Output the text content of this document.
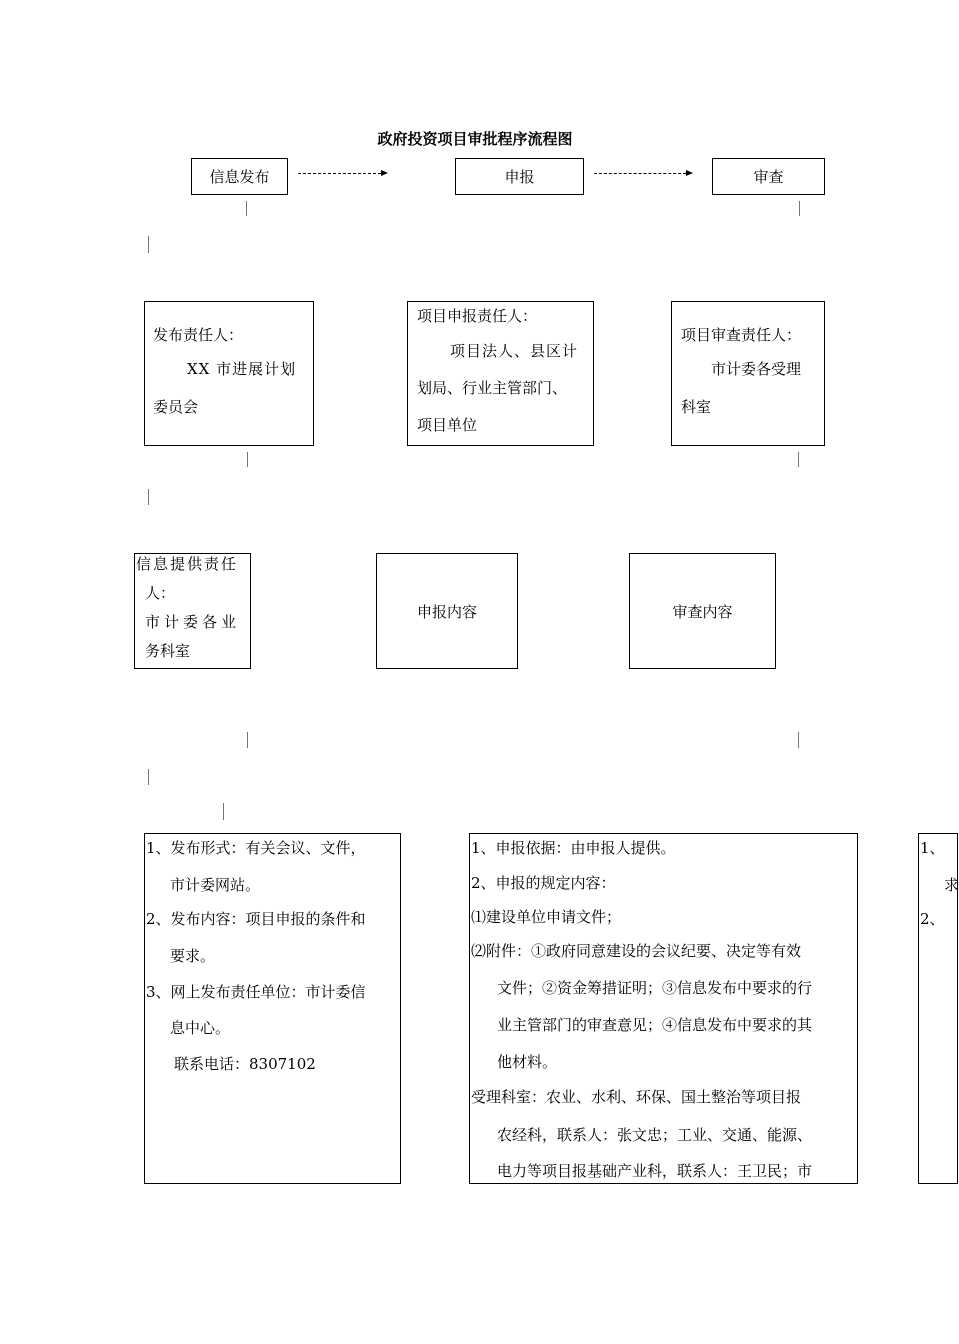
政府投资项目审批程序流程图
信息发布	申报	审查
发布责任人：
XX 市进展计划
委员会
项目申报责任人：
项目法人、县区计
划局、行业主管部门、
项目单位
项目审查责任人：
市计委各受理
科室
信息提供责任
人：
市计委各业
务科室
申报内容	审查内容
1、发布形式：有关会议、文件，
市计委网站。
2、发布内容：项目申报的条件和
要求。
3、网上发布责任单位：市计委信
息中心。
联系电话：8307102
1、申报依据：由申报人提供。
2、申报的规定内容：
⑴建设单位申请文件；
⑵附件：①政府同意建设的会议纪要、决定等有效
文件；②资金筹措证明；③信息发布中要求的行
业主管部门的审查意见；④信息发布中要求的其
他材料。
受理科室：农业、水利、环保、国土整治等项目报
农经科，联系人：张文忠；工业、交通、能源、
电力等项目报基础产业科，联系人：王卫民；市
1、
求
2、
